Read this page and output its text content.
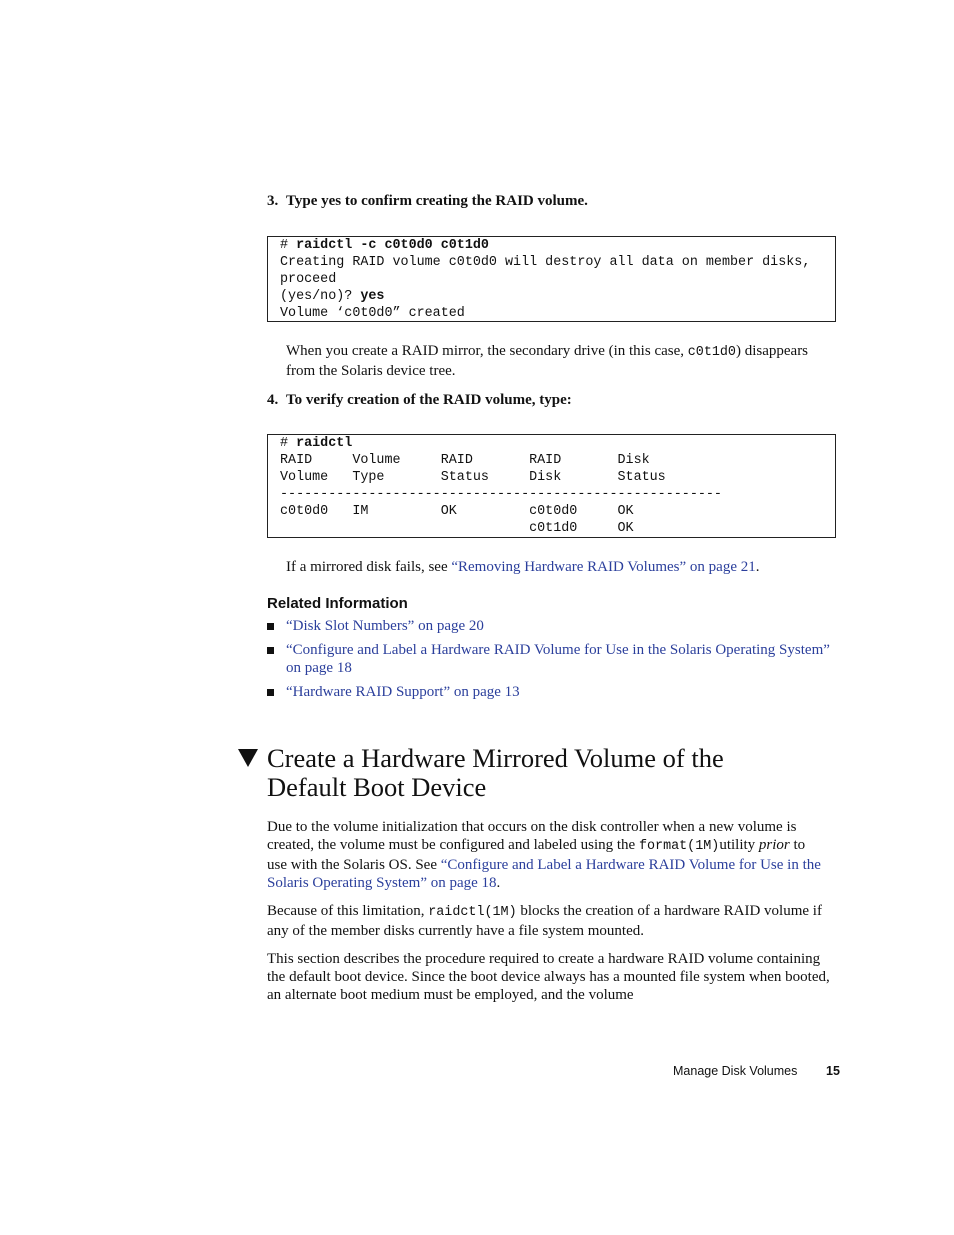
3. Type yes to confirm creating the RAID volume.
# raidctl -c c0t0d0 c0t1d0
Creating RAID volume c0t0d0 will destroy all data on member disks,
proceed
(yes/no)? yes
Volume ‘c0t0d0” created
When you create a RAID mirror, the secondary drive (in this case, c0t1d0) disappears from the Solaris device tree.
4. To verify creation of the RAID volume, type:
# raidctl
RAID     Volume     RAID       RAID       Disk
Volume   Type       Status     Disk       Status
-------------------------------------------------------
c0t0d0   IM         OK         c0t0d0     OK
c0t1d0     OK
If a mirrored disk fails, see “Removing Hardware RAID Volumes” on page 21.
Related Information
“Disk Slot Numbers” on page 20
“Configure and Label a Hardware RAID Volume for Use in the Solaris Operating System” on page 18
“Hardware RAID Support” on page 13
Create a Hardware Mirrored Volume of the Default Boot Device
Due to the volume initialization that occurs on the disk controller when a new volume is created, the volume must be configured and labeled using the format(1M)utility prior to use with the Solaris OS. See “Configure and Label a Hardware RAID Volume for Use in the Solaris Operating System” on page 18.
Because of this limitation, raidctl(1M) blocks the creation of a hardware RAID volume if any of the member disks currently have a file system mounted.
This section describes the procedure required to create a hardware RAID volume containing the default boot device. Since the boot device always has a mounted file system when booted, an alternate boot medium must be employed, and the volume
Manage Disk Volumes 15
